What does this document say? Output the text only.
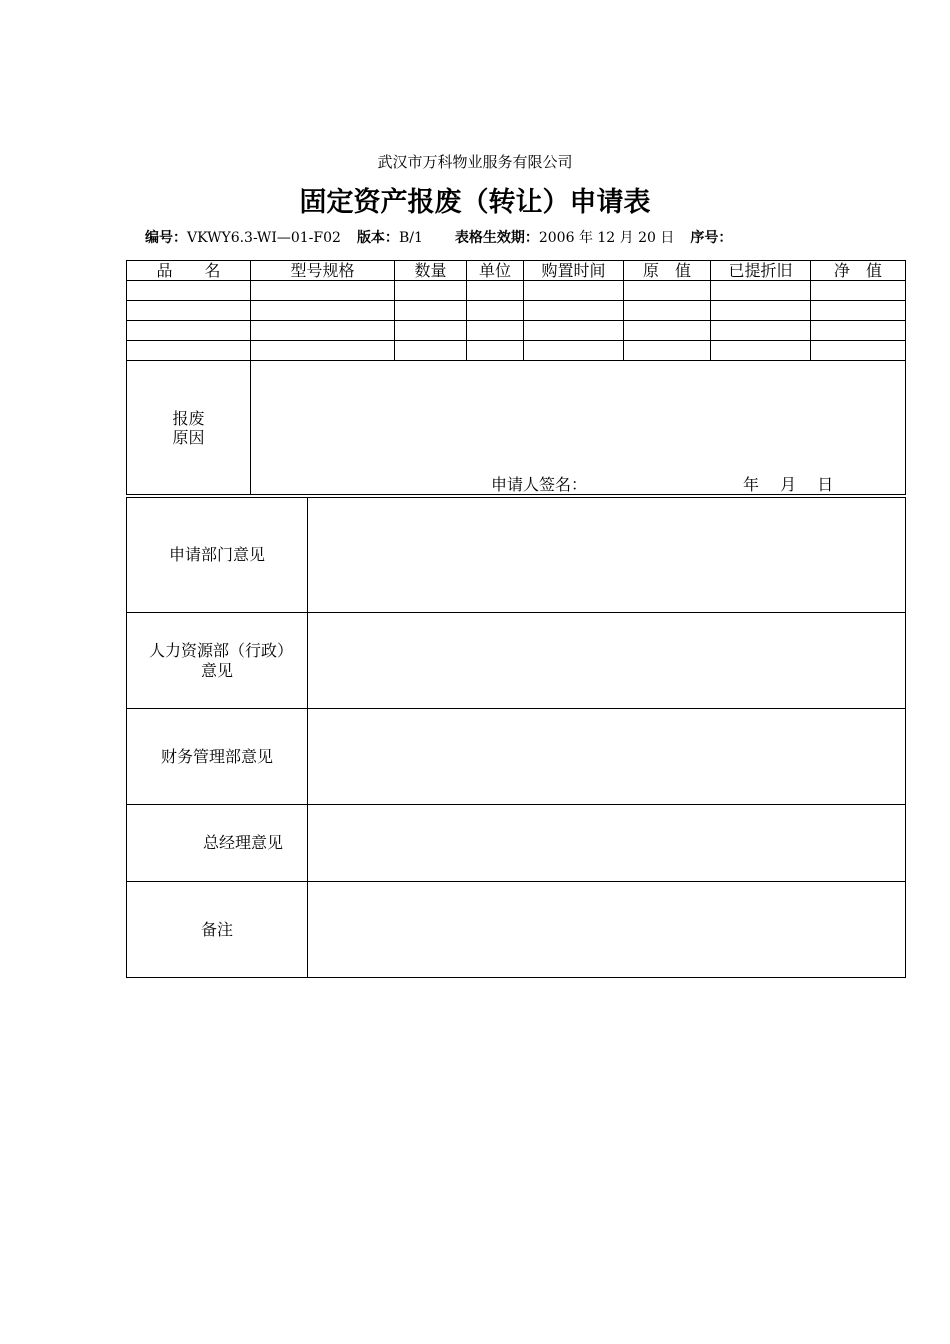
武汉市万科物业服务有限公司
固定资产报废（转让）申请表
编号：VKWY6.3-WI—01-F02 版本：B/1 表格生效期：2006 年 12 月 20 日 序号：
品　　名	型号规格	数量	单位	购置时间	原　值	已提折旧	净　值

报废
原因	申请人签名： 年　 月　 日						
申请部门意见	
人力资源部（行政）意见	
财务管理部意见	
总经理意见	
备注	
